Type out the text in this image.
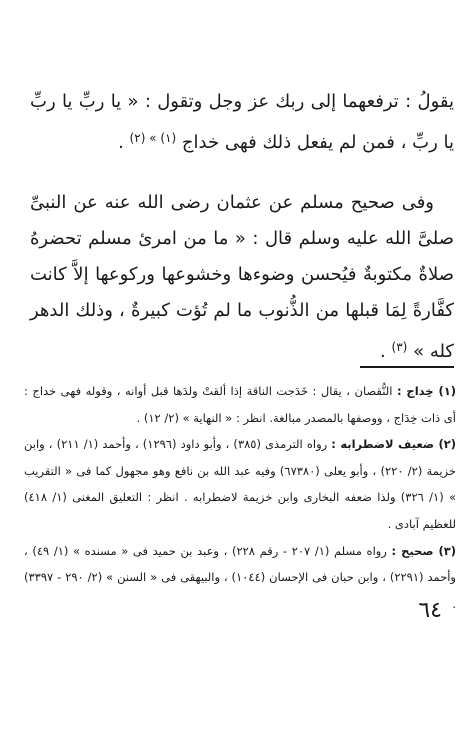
يقولُ : ترفعهما إلى ربك عز وجل وتقول : « يا ربِّ يا ربِّ يا ربِّ ، فمن لم يفعل ذلك فهى خداج $^{(١) » (٢)}$ .

وفى صحيح مسلم عن عثمان رضى الله عنه عن النبىِّ صلىَّ الله عليه وسلم قال : « ما من امرئ مسلم تحضرهُ صلاةٌ مكتوبةٌ فيُحسن وضوءها وخشوعها وركوعها إلاَّ كانت كفَّارةً لِمَا قبلها من الذُّنوب ما لم تُؤت كبيرةٌ ، وذلك الدهر كله » $^{(٣)}$ .

(١) خِداج : النُّقصان ، يقال : خَدَجت الناقة إذا ألقتْ ولدَها قبل أوانه ، وقوله فهى خداج : أى ذات خِدَاج ، ووصفها بالمصدر مبالغة. انظر : « النهاية » (٢/ ١٢) .

(٢) ضعيف لاضطرابه : رواه الترمذى (٣٨٥) ، وأبو داود (١٢٩٦) ، وأحمد (١/ ٢١١) ، وابن خزيمة (٢/ ٢٢٠) ، وأبو يعلى (٦٧٣٨٠) وفيه عبد الله بن نافع وهو مجهول كما فى « التقريب » (١/ ٣٢٦) ولذا ضعفه البخارى وابن خزيمة لاضطرابه . انظر : التعليق المغنى (١/ ٤١٨) للعظيم آبادى .

(٣) صحيح : رواه مسلم (١/ ٢٠٧ - رقم ٢٢٨) ، وعبد بن حميد فى « مسنده » (١/ ٤٩) ، وأحمد (٢٢٩١) ، وابن حبان فى الإحسان (١٠٤٤) ، والبيهقى فى « السنن » (٢/ ٢٩٠ - ٣٣٩٧) .

٦٤
